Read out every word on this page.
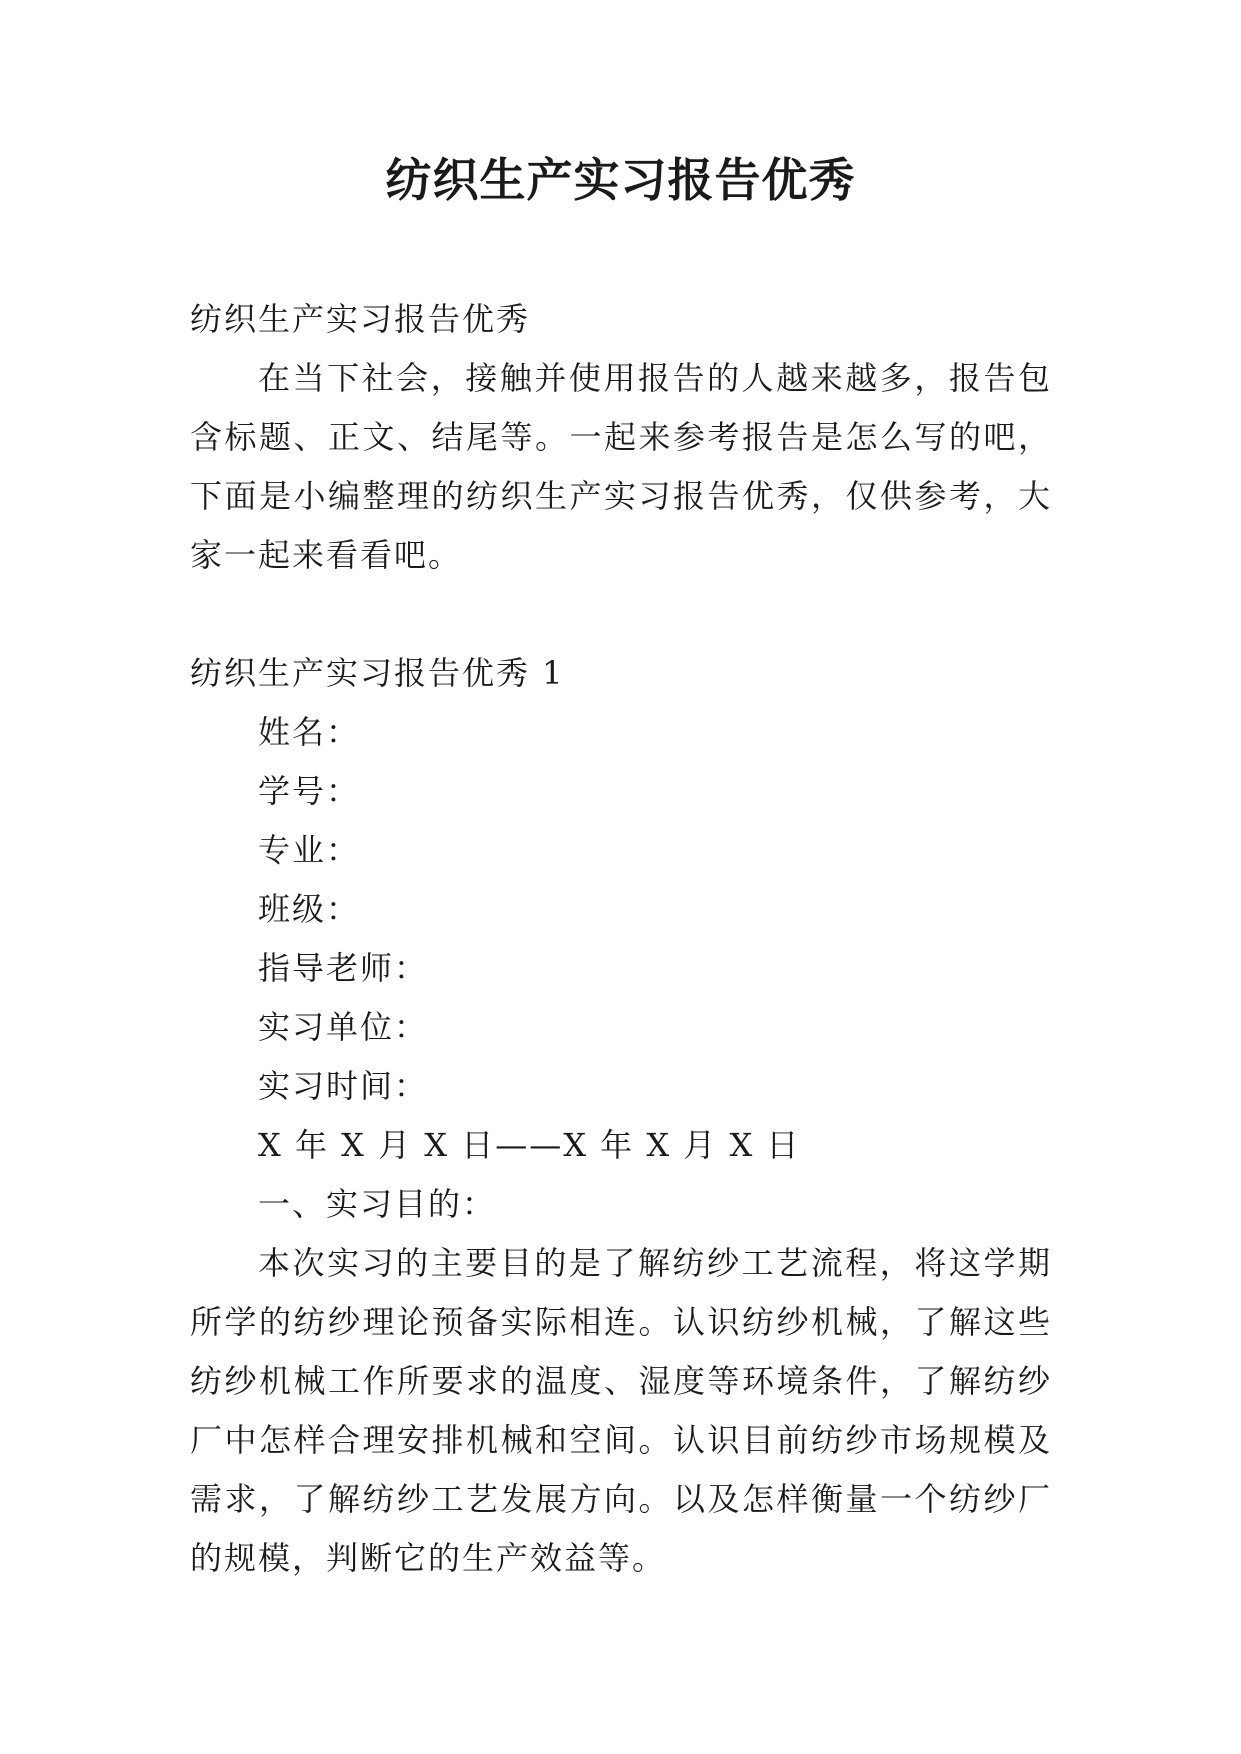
纺织生产实习报告优秀

纺织生产实习报告优秀

在当下社会，接触并使用报告的人越来越多，报告包含标题、正文、结尾等。一起来参考报告是怎么写的吧，下面是小编整理的纺织生产实习报告优秀，仅供参考，大家一起来看看吧。

纺织生产实习报告优秀 1

姓名：

学号：

专业：

班级：

指导老师：

实习单位：

实习时间：

X 年 X 月 X 日——X 年 X 月 X 日

一、实习目的：

本次实习的主要目的是了解纺纱工艺流程，将这学期所学的纺纱理论预备实际相连。认识纺纱机械，了解这些纺纱机械工作所要求的温度、湿度等环境条件，了解纺纱厂中怎样合理安排机械和空间。认识目前纺纱市场规模及需求，了解纺纱工艺发展方向。以及怎样衡量一个纺纱厂的规模，判断它的生产效益等。
